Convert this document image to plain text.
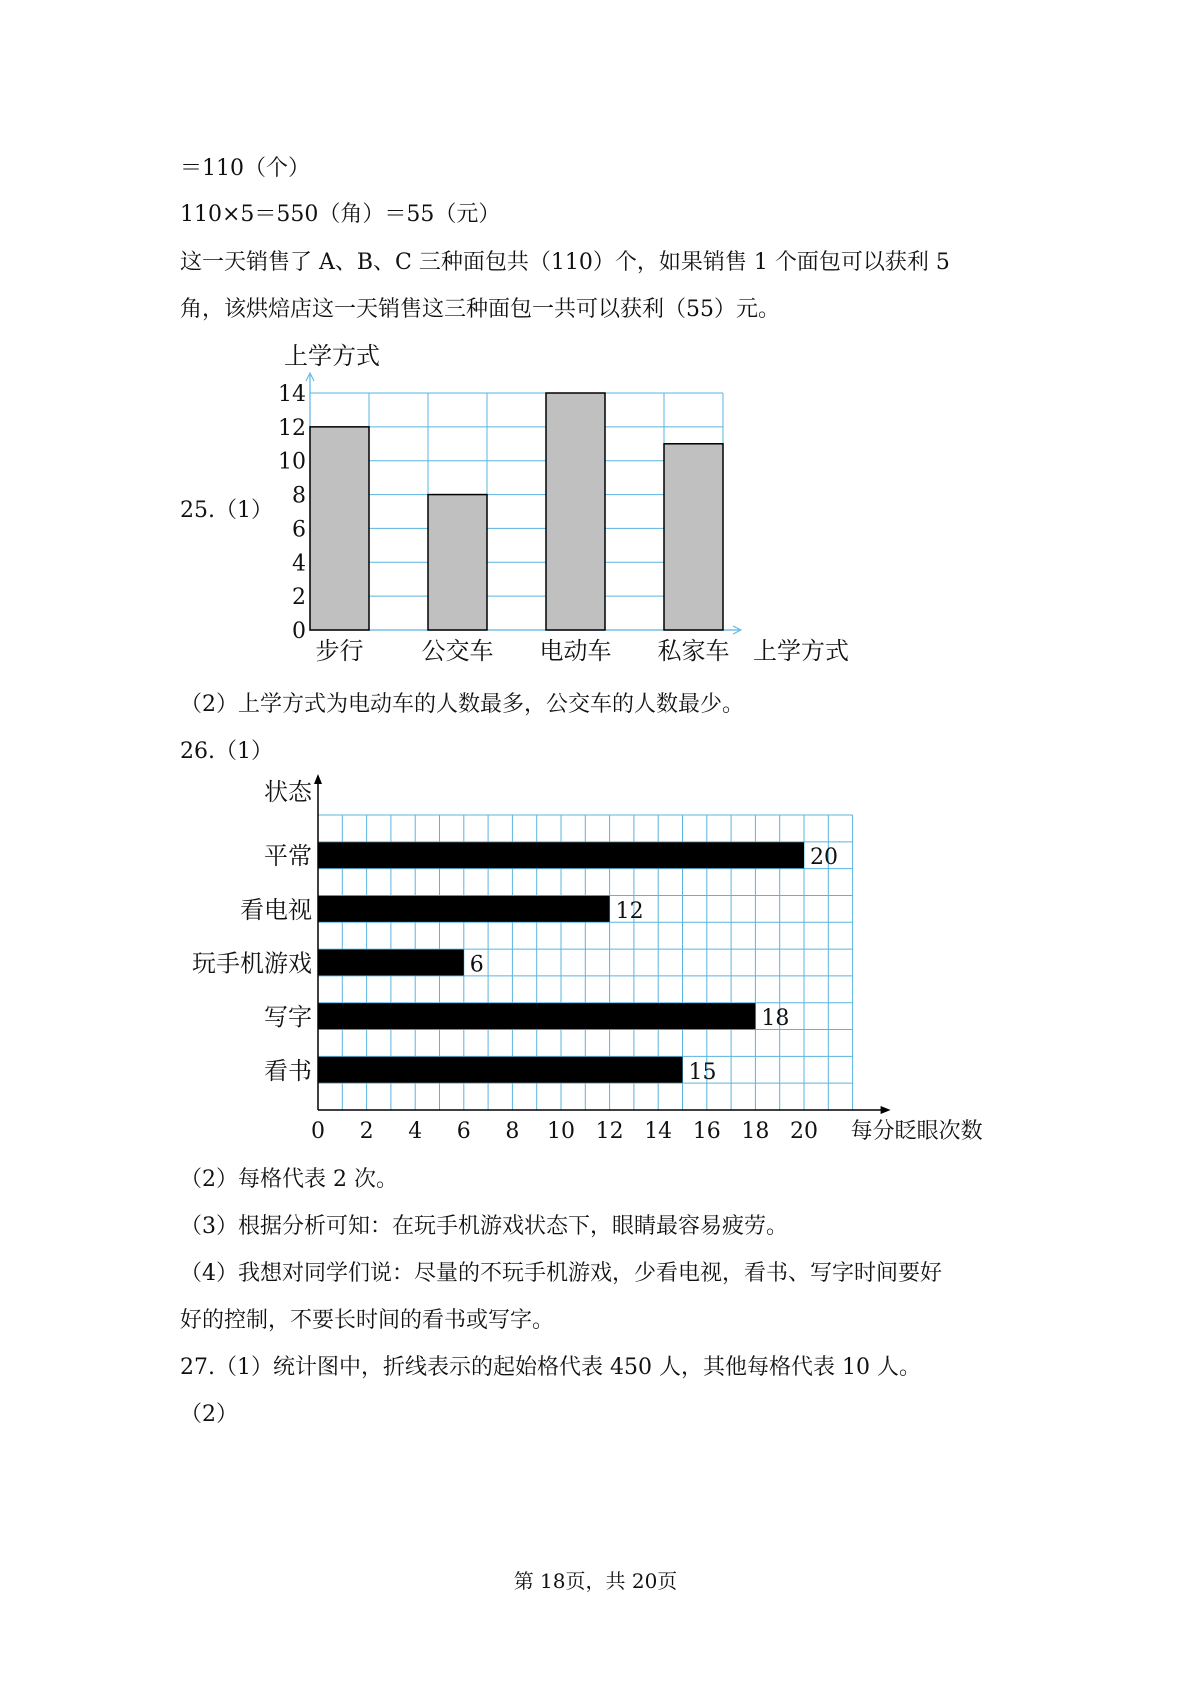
＝110（个）
110×5＝550（角）＝55（元）
这一天销售了 A、B、C 三种面包共（110）个，如果销售 1 个面包可以获利 5
角，该烘焙店这一天销售这三种面包一共可以获利（55）元。
25.（1）
0
2
4
6
8
10
12
14
步行 公交车 电动车 私家车
上学方式
上学方式
（2）上学方式为电动车的人数最多，公交车的人数最少。
26.（1）
0 2 4 6 8 10 12 14 16 18 20
20
平常
12
看电视
6
玩手机游戏
18
写字
15
看书
状态
每分眨眼次数
（2）每格代表 2 次。
（3）根据分析可知：在玩手机游戏状态下，眼睛最容易疲劳。
（4）我想对同学们说：尽量的不玩手机游戏，少看电视，看书、写字时间要好
好的控制，不要长时间的看书或写字。
27.（1）统计图中，折线表示的起始格代表 450 人，其他每格代表 10 人。
（2）
第 18页，共 20页
